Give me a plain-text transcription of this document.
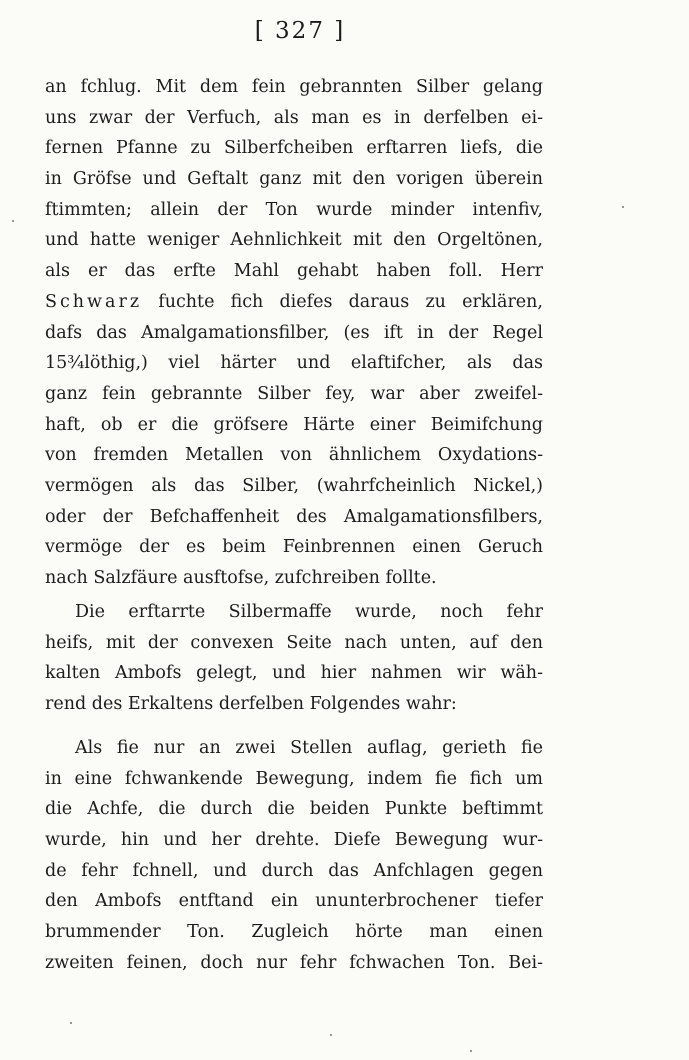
[ 327 ]
an fchlug. Mit dem fein gebrannten Silber gelang
uns zwar der Verfuch, als man es in derfelben ei-
fernen Pfanne zu Silberfcheiben erftarren liefs, die
in Gröfse und Geftalt ganz mit den vorigen überein
ftimmten; allein der Ton wurde minder intenfiv,
und hatte weniger Aehnlichkeit mit den Orgeltönen,
als er das erfte Mahl gehabt haben foll. Herr
Schwarz fuchte fich diefes daraus zu erklären,
dafs das Amalgamationsfilber, (es ift in der Regel
15¾löthig,) viel härter und elaftifcher, als das
ganz fein gebrannte Silber fey, war aber zweifel-
haft, ob er die gröfsere Härte einer Beimifchung
von fremden Metallen von ähnlichem Oxydations-
vermögen als das Silber, (wahrfcheinlich Nickel,)
oder der Befchaffenheit des Amalgamationsfilbers,
vermöge der es beim Feinbrennen einen Geruch
nach Salzfäure ausftofse, zufchreiben follte.
Die erftarrte Silbermaffe wurde, noch fehr
heifs, mit der convexen Seite nach unten, auf den
kalten Ambofs gelegt, und hier nahmen wir wäh-
rend des Erkaltens derfelben Folgendes wahr:
Als fie nur an zwei Stellen auflag, gerieth fie
in eine fchwankende Bewegung, indem fie fich um
die Achfe, die durch die beiden Punkte beftimmt
wurde, hin und her drehte. Diefe Bewegung wur-
de fehr fchnell, und durch das Anfchlagen gegen
den Ambofs entftand ein ununterbrochener tiefer
brummender Ton. Zugleich hörte man einen
zweiten feinen, doch nur fehr fchwachen Ton. Bei-
